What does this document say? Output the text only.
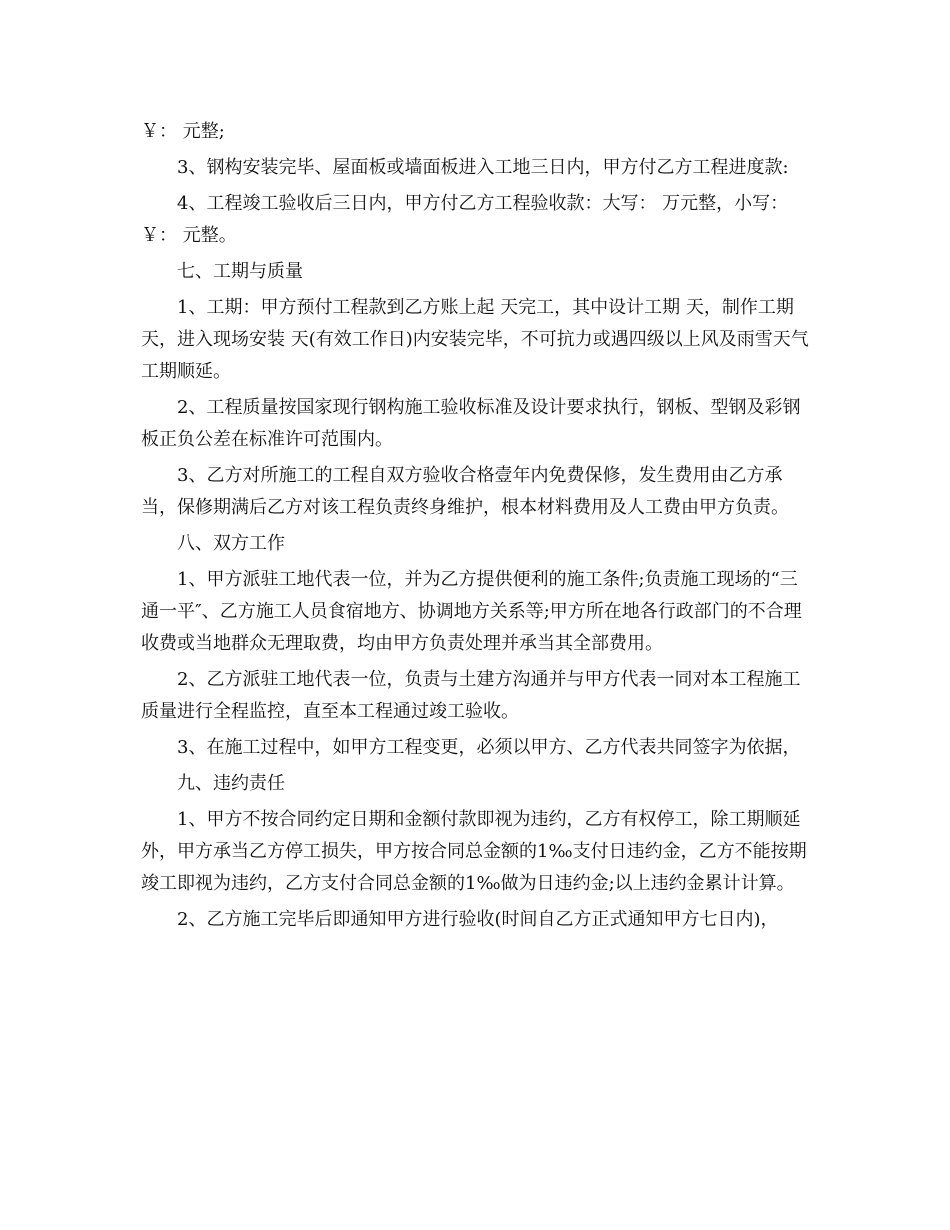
￥： 元整;

3、钢构安装完毕、屋面板或墙面板进入工地三日内，甲方付乙方工程进度款:

4、工程竣工验收后三日内，甲方付乙方工程验收款：大写： 万元整，小写：￥： 元整。

七、工期与质量

1、工期：甲方预付工程款到乙方账上起 天完工，其中设计工期 天，制作工期 天，进入现场安装 天(有效工作日)内安装完毕，不可抗力或遇四级以上风及雨雪天气工期顺延。

2、工程质量按国家现行钢构施工验收标准及设计要求执行，钢板、型钢及彩钢板正负公差在标准许可范围内。

3、乙方对所施工的工程自双方验收合格壹年内免费保修，发生费用由乙方承当，保修期满后乙方对该工程负责终身维护，根本材料费用及人工费由甲方负责。

八、双方工作

1、甲方派驻工地代表一位，并为乙方提供便利的施工条件;负责施工现场的“三通一平″、乙方施工人员食宿地方、协调地方关系等;甲方所在地各行政部门的不合理收费或当地群众无理取费，均由甲方负责处理并承当其全部费用。

2、乙方派驻工地代表一位，负责与土建方沟通并与甲方代表一同对本工程施工质量进行全程监控，直至本工程通过竣工验收。

3、在施工过程中，如甲方工程变更，必须以甲方、乙方代表共同签字为依据，

九、违约责任

1、甲方不按合同约定日期和金额付款即视为违约，乙方有权停工，除工期顺延外，甲方承当乙方停工损失，甲方按合同总金额的1‰支付日违约金，乙方不能按期竣工即视为违约，乙方支付合同总金额的1‰做为日违约金;以上违约金累计计算。

2、乙方施工完毕后即通知甲方进行验收(时间自乙方正式通知甲方七日内)，
